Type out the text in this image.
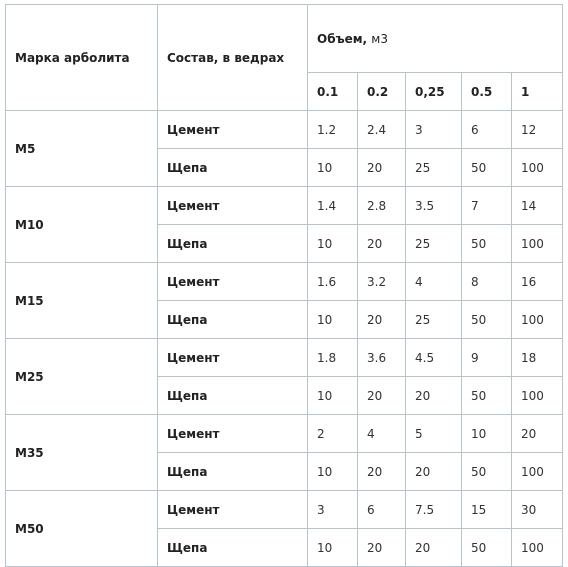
Марка арболита	Состав, в ведрах	Объем, м3				
		0.1	0.2	0,25	0.5	1
М5	Цемент	1.2	2.4	3	6	12
	Щепа	10	20	25	50	100
М10	Цемент	1.4	2.8	3.5	7	14
	Щепа	10	20	25	50	100
М15	Цемент	1.6	3.2	4	8	16
	Щепа	10	20	25	50	100
М25	Цемент	1.8	3.6	4.5	9	18
	Щепа	10	20	20	50	100
М35	Цемент	2	4	5	10	20
	Щепа	10	20	20	50	100
М50	Цемент	3	6	7.5	15	30
	Щепа	10	20	20	50	100
